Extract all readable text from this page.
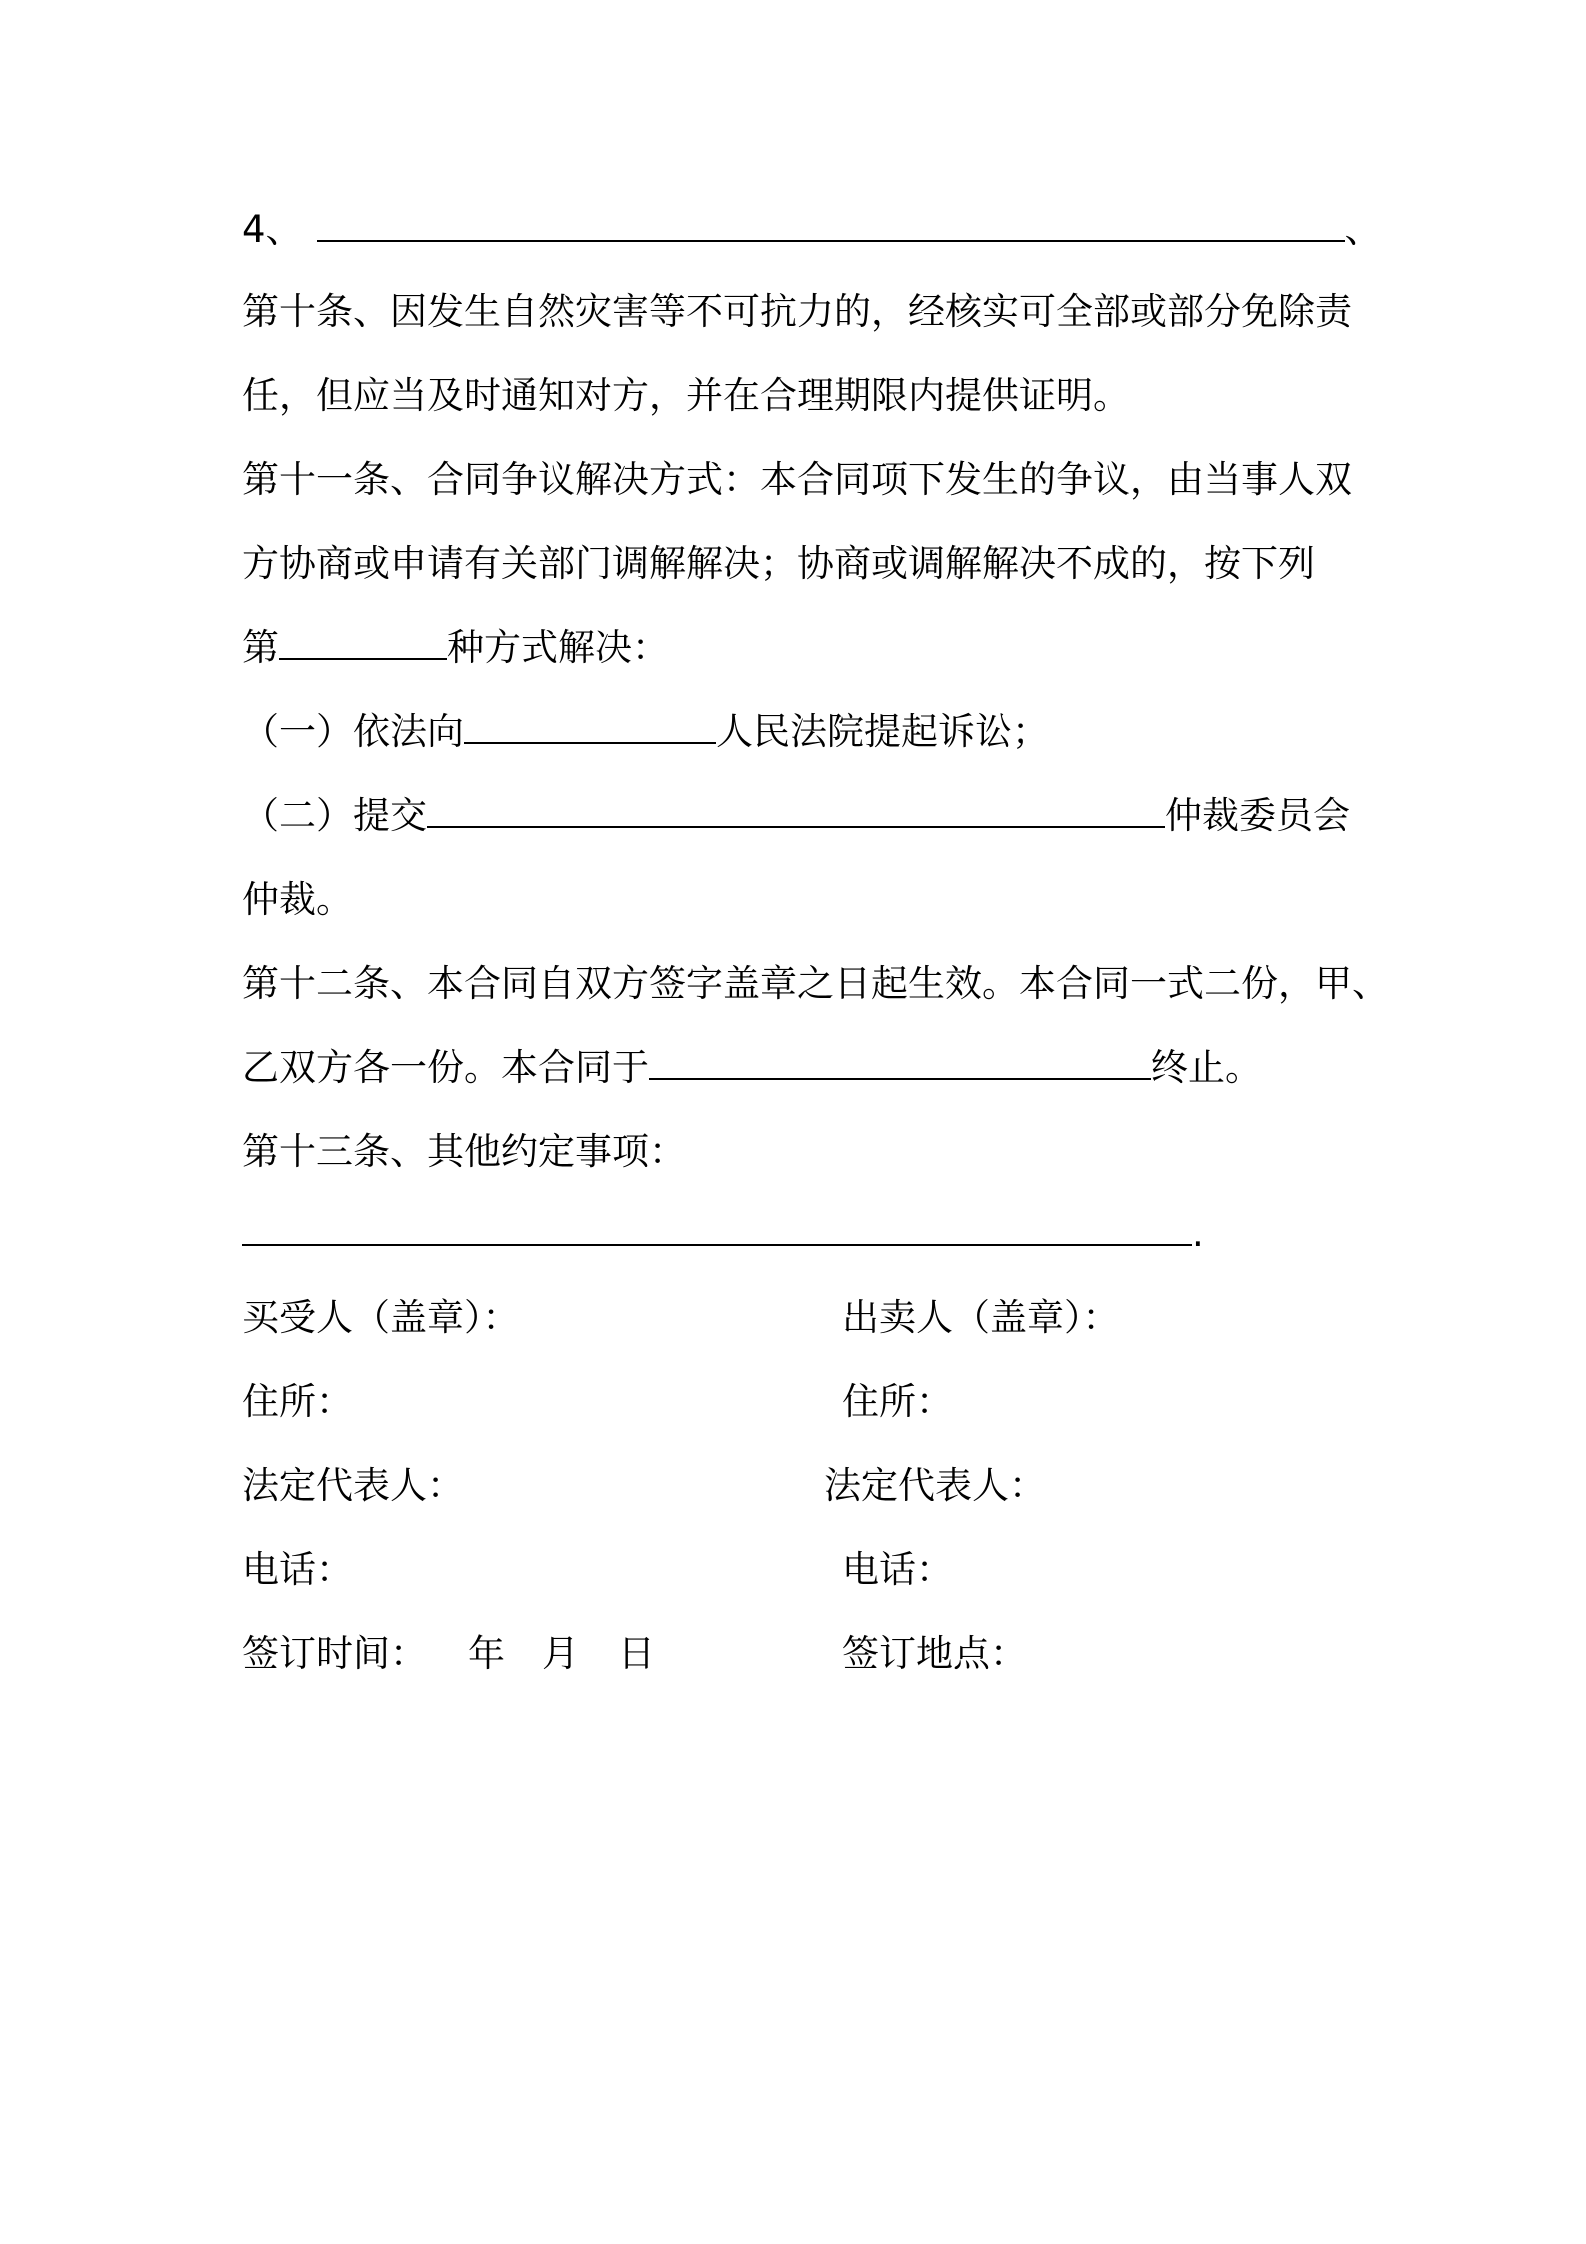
4、	、
第十条、因发生自然灾害等不可抗力的，经核实可全部或部分免除责
任，但应当及时通知对方，并在合理期限内提供证明。
第十一条、合同争议解决方式：本合同项下发生的争议，由当事人双
方协商或申请有关部门调解解决；协商或调解解决不成的，按下列
第	种方式解决：
（一）依法向	人民法院提起诉讼；
（二）提交	仲裁委员会
仲裁。
第十二条、本合同自双方签字盖章之日起生效。本合同一式二份，甲、
乙双方各一份。本合同于	终止。
第十三条、其他约定事项：
.
买受人（盖章）：	出卖人（盖章）：
住所：	住所：
法定代表人：	法定代表人：
电话：	电话：
签订时间： 年 月 日	签订地点：
